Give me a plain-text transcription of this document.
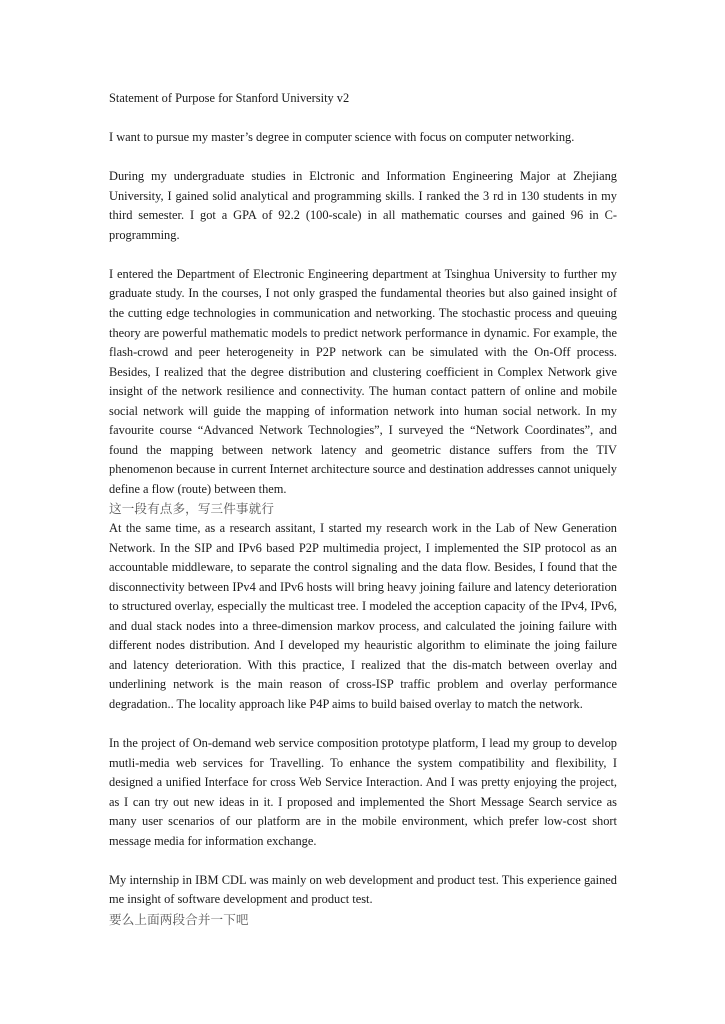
Statement of Purpose for Stanford University v2

I want to pursue my master’s degree in computer science with focus on computer networking.

During my undergraduate studies in Elctronic and Information Engineering Major at Zhejiang University, I gained solid analytical and programming skills. I ranked the 3 rd in 130 students in my third semester. I got a GPA of 92.2 (100-scale) in all mathematic courses and gained 96 in C-programming.

I entered the Department of Electronic Engineering department at Tsinghua University to further my graduate study. In the courses, I not only grasped the fundamental theories but also gained insight of the cutting edge technologies in communication and networking. The stochastic process and queuing theory are powerful mathematic models to predict network performance in dynamic. For example, the flash-crowd and peer heterogeneity in P2P network can be simulated with the On-Off process. Besides, I realized that the degree distribution and clustering coefficient in Complex Network give insight of the network resilience and connectivity. The human contact pattern of online and mobile social network will guide the mapping of information network into human social network. In my favourite course “Advanced Network Technologies”, I surveyed the “Network Coordinates”, and found the mapping between network latency and geometric distance suffers from the TIV phenomenon because in current Internet architecture source and destination addresses cannot uniquely define a flow (route) between them.

这一段有点多，写三件事就行

At the same time, as a research assitant, I started my research work in the Lab of New Generation Network. In the SIP and IPv6 based P2P multimedia project, I implemented the SIP protocol as an accountable middleware, to separate the control signaling and the data flow. Besides, I found that the disconnectivity between IPv4 and IPv6 hosts will bring heavy joining failure and latency deterioration to structured overlay, especially the multicast tree. I modeled the acception capacity of the IPv4, IPv6, and dual stack nodes into a three-dimension markov process, and calculated the joining failure with different nodes distribution. And I developed my heauristic algorithm to eliminate the joing failure and latency deterioration. With this practice, I realized that the dis-match between overlay and underlining network is the main reason of cross-ISP traffic problem and overlay performance degradation.. The locality approach like P4P aims to build baised overlay to match the network.

In the project of On-demand web service composition prototype platform, I lead my group to develop mutli-media web services for Travelling. To enhance the system compatibility and flexibility, I designed a unified Interface for cross Web Service Interaction. And I was pretty enjoying the project, as I can try out new ideas in it. I proposed and implemented the Short Message Search service as many user scenarios of our platform are in the mobile environment, which prefer low-cost short message media for information exchange.

My internship in IBM CDL was mainly on web development and product test. This experience gained me insight of software development and product test.

要么上面两段合并一下吧
